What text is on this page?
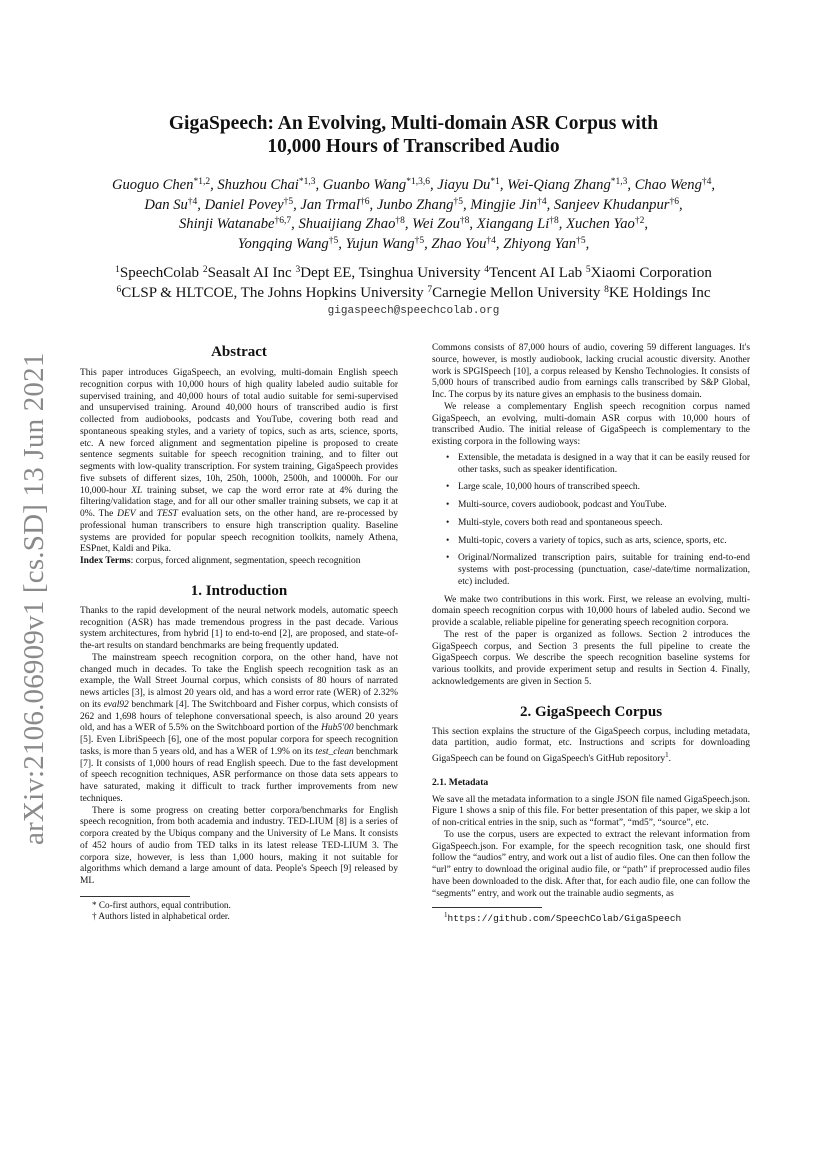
arXiv:2106.06909v1 [cs.SD] 13 Jun 2021
GigaSpeech: An Evolving, Multi-domain ASR Corpus with
10,000 Hours of Transcribed Audio
Guoguo Chen$^{*1,2}$, Shuzhou Chai$^{*1,3}$, Guanbo Wang$^{*1,3,6}$, Jiayu Du$^{*1}$, Wei-Qiang Zhang$^{*1,3}$, Chao Weng$^{\dagger 4}$,
Dan Su$^{\dagger 4}$, Daniel Povey$^{\dagger 5}$, Jan Trmal$^{\dagger 6}$, Junbo Zhang$^{\dagger 5}$, Mingjie Jin$^{\dagger 4}$, Sanjeev Khudanpur$^{\dagger 6}$,
Shinji Watanabe$^{\dagger 6,7}$, Shuaijiang Zhao$^{\dagger 8}$, Wei Zou$^{\dagger 8}$, Xiangang Li$^{\dagger 8}$, Xuchen Yao$^{\dagger 2}$,
Yongqing Wang$^{\dagger 5}$, Yujun Wang$^{\dagger 5}$, Zhao You$^{\dagger 4}$, Zhiyong Yan$^{\dagger 5}$,
$^1$SpeechColab $^2$Seasalt AI Inc $^3$Dept EE, Tsinghua University $^4$Tencent AI Lab $^5$Xiaomi Corporation
$^6$CLSP & HLTCOE, The Johns Hopkins University $^7$Carnegie Mellon University $^8$KE Holdings Inc
gigaspeech@speechcolab.org
Abstract

This paper introduces GigaSpeech, an evolving, multi-domain English speech recognition corpus with 10,000 hours of high quality labeled audio suitable for supervised training, and 40,000 hours of total audio suitable for semi-supervised and unsupervised training. Around 40,000 hours of transcribed audio is first collected from audiobooks, podcasts and YouTube, covering both read and spontaneous speaking styles, and a variety of topics, such as arts, science, sports, etc. A new forced alignment and segmentation pipeline is proposed to create sentence segments suitable for speech recognition training, and to filter out segments with low-quality transcription. For system training, GigaSpeech provides five subsets of different sizes, 10h, 250h, 1000h, 2500h, and 10000h. For our 10,000-hour XL training subset, we cap the word error rate at 4% during the filtering/validation stage, and for all our other smaller training subsets, we cap it at 0%. The DEV and TEST evaluation sets, on the other hand, are re-processed by professional human transcribers to ensure high transcription quality. Baseline systems are provided for popular speech recognition toolkits, namely Athena, ESPnet, Kaldi and Pika.

Index Terms: corpus, forced alignment, segmentation, speech recognition

1. Introduction

Thanks to the rapid development of the neural network models, automatic speech recognition (ASR) has made tremendous progress in the past decade. Various system architectures, from hybrid [1] to end-to-end [2], are proposed, and state-of-the-art results on standard benchmarks are being frequently updated.

The mainstream speech recognition corpora, on the other hand, have not changed much in decades. To take the English speech recognition task as an example, the Wall Street Journal corpus, which consists of 80 hours of narrated news articles [3], is almost 20 years old, and has a word error rate (WER) of 2.32% on its eval92 benchmark [4]. The Switchboard and Fisher corpus, which consists of 262 and 1,698 hours of telephone conversational speech, is also around 20 years old, and has a WER of 5.5% on the Switchboard portion of the Hub5'00 benchmark [5]. Even LibriSpeech [6], one of the most popular corpora for speech recognition tasks, is more than 5 years old, and has a WER of 1.9% on its test_clean benchmark [7]. It consists of 1,000 hours of read English speech. Due to the fast development of speech recognition techniques, ASR performance on those data sets appears to have saturated, making it difficult to track further improvements from new techniques.

There is some progress on creating better corpora/benchmarks for English speech recognition, from both academia and industry. TED-LIUM [8] is a series of corpora created by the Ubiqus company and the University of Le Mans. It consists of 452 hours of audio from TED talks in its latest release TED-LIUM 3. The corpora size, however, is less than 1,000 hours, making it not suitable for algorithms which demand a large amount of data. People's Speech [9] released by ML

* Co-first authors, equal contribution.
† Authors listed in alphabetical order.

Commons consists of 87,000 hours of audio, covering 59 different languages. It's source, however, is mostly audiobook, lacking crucial acoustic diversity. Another work is SPGISpeech [10], a corpus released by Kensho Technologies. It consists of 5,000 hours of transcribed audio from earnings calls transcribed by S&P Global, Inc. The corpus by its nature gives an emphasis to the business domain.

We release a complementary English speech recognition corpus named GigaSpeech, an evolving, multi-domain ASR corpus with 10,000 hours of transcribed Audio. The initial release of GigaSpeech is complementary to the existing corpora in the following ways:

• Extensible, the metadata is designed in a way that it can be easily reused for other tasks, such as speaker identification.
• Large scale, 10,000 hours of transcribed speech.
• Multi-source, covers audiobook, podcast and YouTube.
• Multi-style, covers both read and spontaneous speech.
• Multi-topic, covers a variety of topics, such as arts, science, sports, etc.
• Original/Normalized transcription pairs, suitable for training end-to-end systems with post-processing (punctuation, case/-date/time normalization, etc) included.

We make two contributions in this work. First, we release an evolving, multi-domain speech recognition corpus with 10,000 hours of labeled audio. Second we provide a scalable, reliable pipeline for generating speech recognition corpora.

The rest of the paper is organized as follows. Section 2 introduces the GigaSpeech corpus, and Section 3 presents the full pipeline to create the GigaSpeech corpus. We describe the speech recognition baseline systems for various toolkits, and provide experiment setup and results in Section 4. Finally, acknowledgements are given in Section 5.

2. GigaSpeech Corpus

This section explains the structure of the GigaSpeech corpus, including metadata, data partition, audio format, etc. Instructions and scripts for downloading GigaSpeech can be found on GigaSpeech's GitHub repository$^1$.

2.1. Metadata

We save all the metadata information to a single JSON file named GigaSpeech.json. Figure 1 shows a snip of this file. For better presentation of this paper, we skip a lot of non-critical entries in the snip, such as “format”, “md5”, “source”, etc.

To use the corpus, users are expected to extract the relevant information from GigaSpeech.json. For example, for the speech recognition task, one should first follow the “audios” entry, and work out a list of audio files. One can then follow the “url” entry to download the original audio file, or “path” if preprocessed audio files have been downloaded to the disk. After that, for each audio file, one can follow the “segments” entry, and work out the trainable audio segments, as

$^1$https://github.com/SpeechColab/GigaSpeech
